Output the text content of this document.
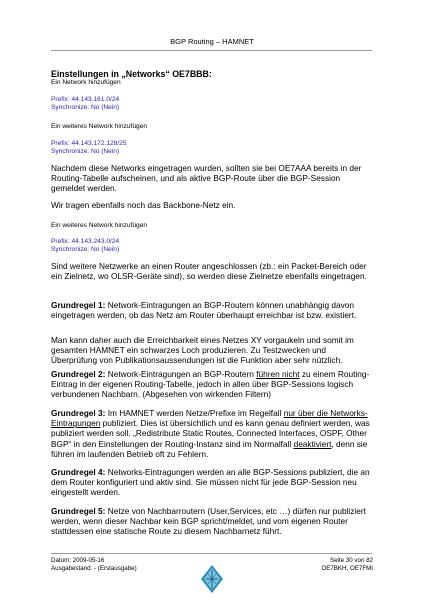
BGP Routing – HAMNET
Einstellungen in „Networks“ OE7BBB:
Ein Network hinzufügen
Prefix: 44.143.161.0/24
Synchronize: No (Nein)
Ein weiteres Network hinzufügen
Prefix: 44.143.172.128/25
Synchronize: No (Nein)
Nachdem diese Networks eingetragen wurden, sollten sie bei OE7AAA bereits in der Routing-Tabelle aufscheinen, und als aktive BGP-Route über die BGP-Session gemeldet werden.
Wir tragen ebenfalls noch das Backbone-Netz ein.
Ein weiteres Network hinzufügen
Prefix: 44.143.243.0/24
Synchronize: No (Nein)
Sind weitere Netzwerke an einen Router angeschlossen (zb.: ein Packet-Bereich oder ein Zielnetz, wo OLSR-Geräte sind), so werden diese Zielnetze ebenfalls eingetragen.
Grundregel 1: Network-Eintragungen an BGP-Routern können unabhängig davon eingetragen werden, ob das Netz am Router überhaupt erreichbar ist bzw. existiert.
Man kann daher auch die Erreichbarkeit eines Netzes XY vorgaukeln und somit im gesamten HAMNET ein schwarzes Loch produzieren. Zu Testzwecken und Überprüfung von Publikationsaussendungen ist die Funktion aber sehr nützlich.
Grundregel 2: Network-Eintragungen an BGP-Routern führen nicht zu einem Routing-Eintrag in der eigenen Routing-Tabelle, jedoch in allen über BGP-Sessions logisch verbundenen Nachbarn. (Abgesehen von wirkenden Filtern)
Grundregel 3: Im HAMNET werden Netze/Prefixe im Regelfall nur über die Networks-Eintragungen publiziert. Dies ist übersichtlich und es kann genau definiert werden, was publiziert werden soll. „Redistribute Static Routes, Connected Interfaces, OSPF, Other BGP“ in den Einstellungen der Routing-Instanz sind im Normalfall deaktiviert, denn sie führen im laufenden Betrieb oft zu Fehlern.
Grundregel 4: Networks-Eintragungen werden an alle BGP-Sessions publiziert, die an dem Router konfiguriert und aktiv sind. Sie müssen nicht für jede BGP-Session neu eingestellt werden.
Grundregel 5: Netze von Nachbarroutern (User,Services, etc …) dürfen nur publiziert werden, wenn dieser Nachbar kein BGP spricht/meldet, und vom eigenen Router stattdessen eine statische Route zu diesem Nachbarnetz führt.
Datum: 2009-05-16
Ausgabestand: - (Erstausgabe)
Seite 30 von 82
OE7BKH, OE7FMI
